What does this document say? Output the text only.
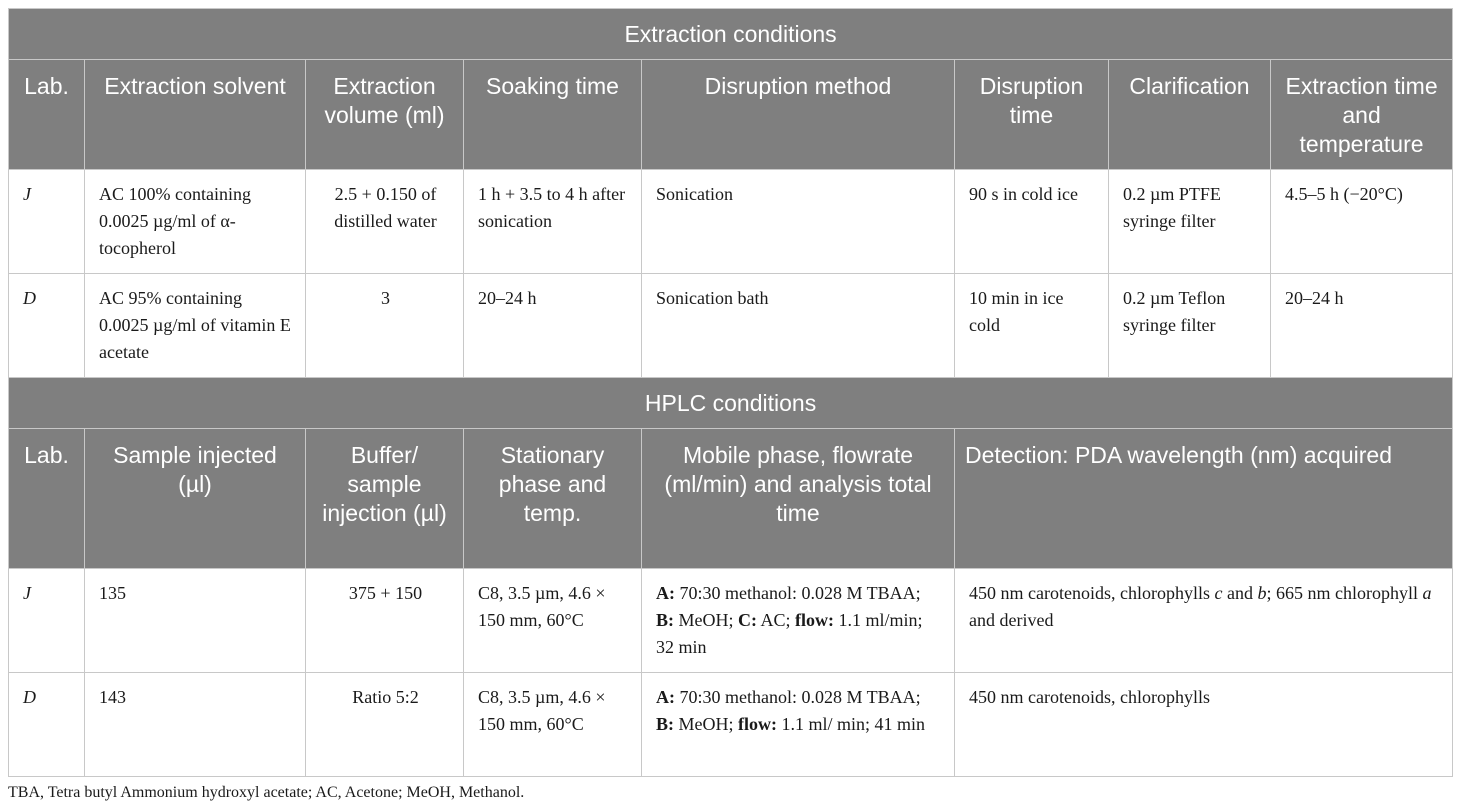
Extraction conditions							
Lab.	Extraction solvent	Extraction volume (ml)	Soaking time	Disruption method	Disruption time	Clarification	Extraction time and temperature
J	AC 100% containing 0.0025 µg/ml of α-tocopherol	2.5 + 0.150 of distilled water	1 h + 3.5 to 4 h after sonication	Sonication	90 s in cold ice	0.2 µm PTFE syringe filter	4.5–5 h (−20°C)
D	AC 95% containing 0.0025 µg/ml of vitamin E acetate	3	20–24 h	Sonication bath	10 min in ice cold	0.2 µm Teflon syringe filter	20–24 h
HPLC conditions							
Lab.	Sample injected (µl)	Buffer/ sample injection (µl)	Stationary phase and temp.	Mobile phase, flowrate (ml/min) and analysis total time	Detection: PDA wavelength (nm) acquired		
J	135	375 + 150	C8, 3.5 µm, 4.6 × 150 mm, 60°C	A: 70:30 methanol: 0.028 M TBAA; B: MeOH; C: AC; flow: 1.1 ml/min; 32 min	450 nm carotenoids, chlorophylls c and b; 665 nm chlorophyll a and derived		
D	143	Ratio 5:2	C8, 3.5 µm, 4.6 × 150 mm, 60°C	A: 70:30 methanol: 0.028 M TBAA; B: MeOH; flow: 1.1 ml/ min; 41 min	450 nm carotenoids, chlorophylls		
TBA, Tetra butyl Ammonium hydroxyl acetate; AC, Acetone; MeOH, Methanol.
